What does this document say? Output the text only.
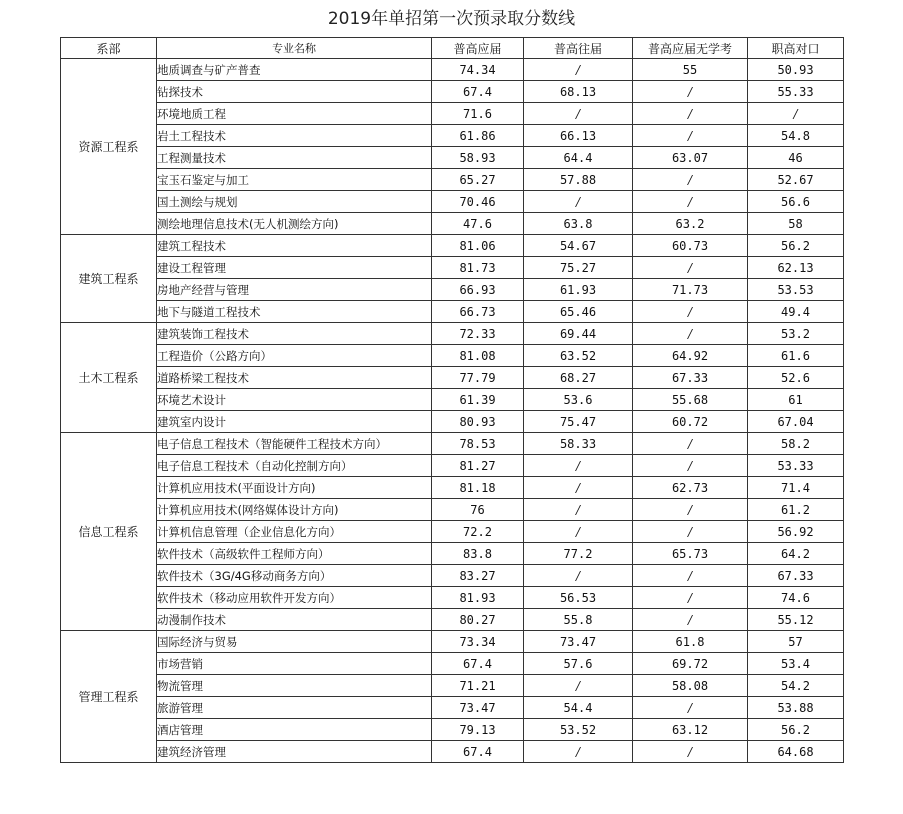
2019年单招第一次预录取分数线
系部	专业名称	普高应届	普高往届	普高应届无学考	职高对口
资源工程系	地质调查与矿产普查	74.34	/	55	50.93
	钻探技术	67.4	68.13	/	55.33
	环境地质工程	71.6	/	/	/
	岩土工程技术	61.86	66.13	/	54.8
	工程测量技术	58.93	64.4	63.07	46
	宝玉石鉴定与加工	65.27	57.88	/	52.67
	国土测绘与规划	70.46	/	/	56.6
	测绘地理信息技术(无人机测绘方向)	47.6	63.8	63.2	58
建筑工程系	建筑工程技术	81.06	54.67	60.73	56.2
	建设工程管理	81.73	75.27	/	62.13
	房地产经营与管理	66.93	61.93	71.73	53.53
	地下与隧道工程技术	66.73	65.46	/	49.4
土木工程系	建筑装饰工程技术	72.33	69.44	/	53.2
	工程造价（公路方向）	81.08	63.52	64.92	61.6
	道路桥梁工程技术	77.79	68.27	67.33	52.6
	环境艺术设计	61.39	53.6	55.68	61
	建筑室内设计	80.93	75.47	60.72	67.04
信息工程系	电子信息工程技术（智能硬件工程技术方向）	78.53	58.33	/	58.2
	电子信息工程技术（自动化控制方向）	81.27	/	/	53.33
	计算机应用技术(平面设计方向)	81.18	/	62.73	71.4
	计算机应用技术(网络媒体设计方向)	76	/	/	61.2
	计算机信息管理（企业信息化方向）	72.2	/	/	56.92
	软件技术（高级软件工程师方向）	83.8	77.2	65.73	64.2
	软件技术（3G/4G移动商务方向）	83.27	/	/	67.33
	软件技术（移动应用软件开发方向）	81.93	56.53	/	74.6
	动漫制作技术	80.27	55.8	/	55.12
管理工程系	国际经济与贸易	73.34	73.47	61.8	57
	市场营销	67.4	57.6	69.72	53.4
	物流管理	71.21	/	58.08	54.2
	旅游管理	73.47	54.4	/	53.88
	酒店管理	79.13	53.52	63.12	56.2
	建筑经济管理	67.4	/	/	64.68
